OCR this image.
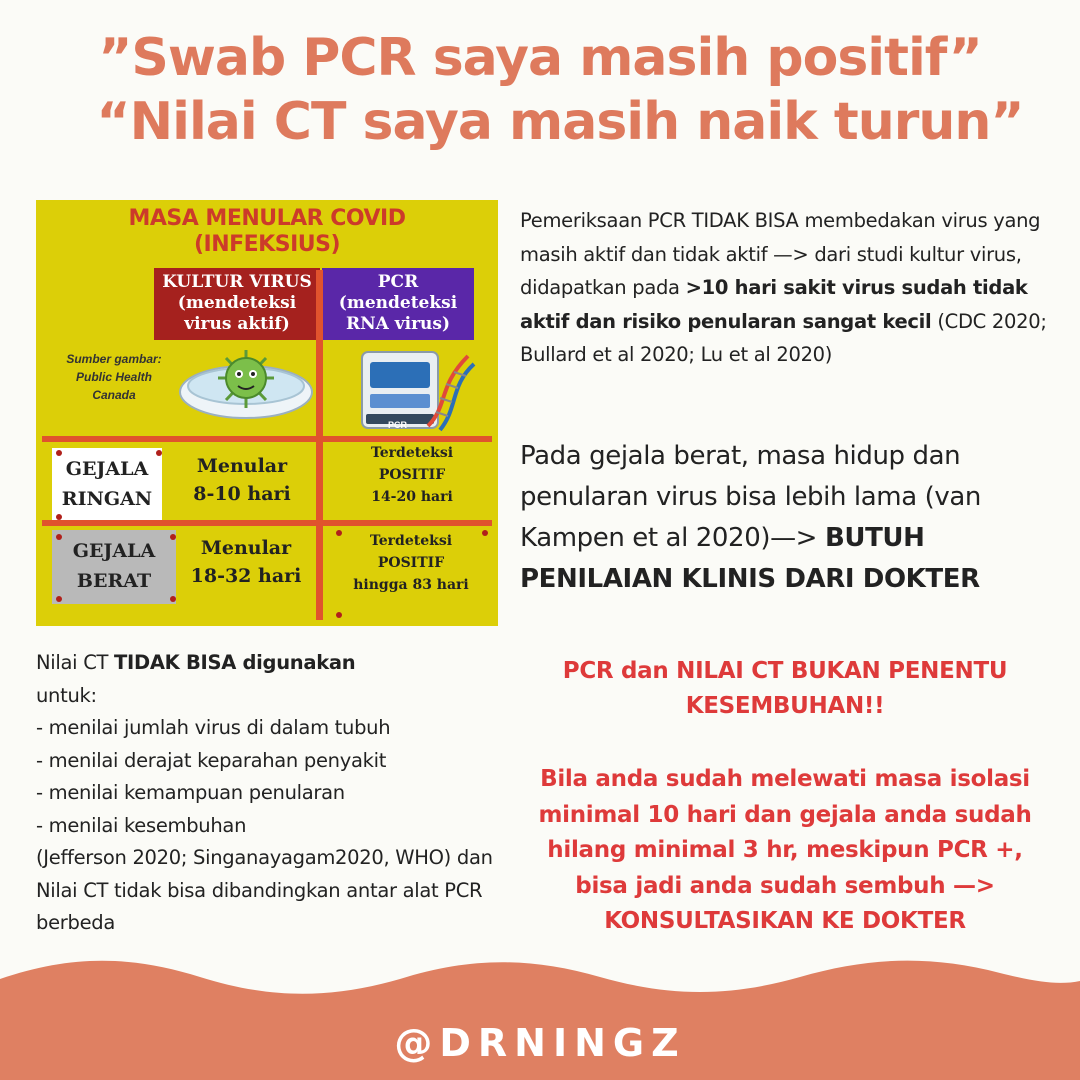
”Swab PCR saya masih positif”
“Nilai CT saya masih naik turun”
MASA MENULAR COVID
(INFEKSIUS)
KULTUR VIRUS
(mendeteksi
virus aktif)
PCR
(mendeteksi
RNA virus)
Sumber gambar:
Public Health
Canada
PCR
GEJALA
RINGAN
GEJALA
BERAT
Menular
8-10 hari
Terdeteksi
POSITIF
14-20 hari
Menular
18-32 hari
Terdeteksi
POSITIF
hingga 83 hari
Pemeriksaan PCR TIDAK BISA membedakan virus yang masih aktif dan tidak aktif —> dari studi kultur virus, didapatkan pada >10 hari sakit virus sudah tidak aktif dan risiko penularan sangat kecil (CDC 2020; Bullard et al 2020; Lu et al 2020)
Pada gejala berat, masa hidup dan penularan virus bisa lebih lama (van Kampen et al 2020)—> BUTUH PENILAIAN KLINIS DARI DOKTER
Nilai CT TIDAK BISA digunakan
untuk:
- menilai jumlah virus di dalam tubuh
- menilai derajat keparahan penyakit
- menilai kemampuan penularan
- menilai kesembuhan
(Jefferson 2020; Singanayagam2020, WHO) dan Nilai CT tidak bisa dibandingkan antar alat PCR berbeda
PCR dan NILAI CT BUKAN PENENTU
KESEMBUHAN!!
Bila anda sudah melewati masa isolasi
minimal 10 hari dan gejala anda sudah
hilang minimal 3 hr, meskipun PCR +,
bisa jadi anda sudah sembuh —>
KONSULTASIKAN KE DOKTER
@DRNINGZ
